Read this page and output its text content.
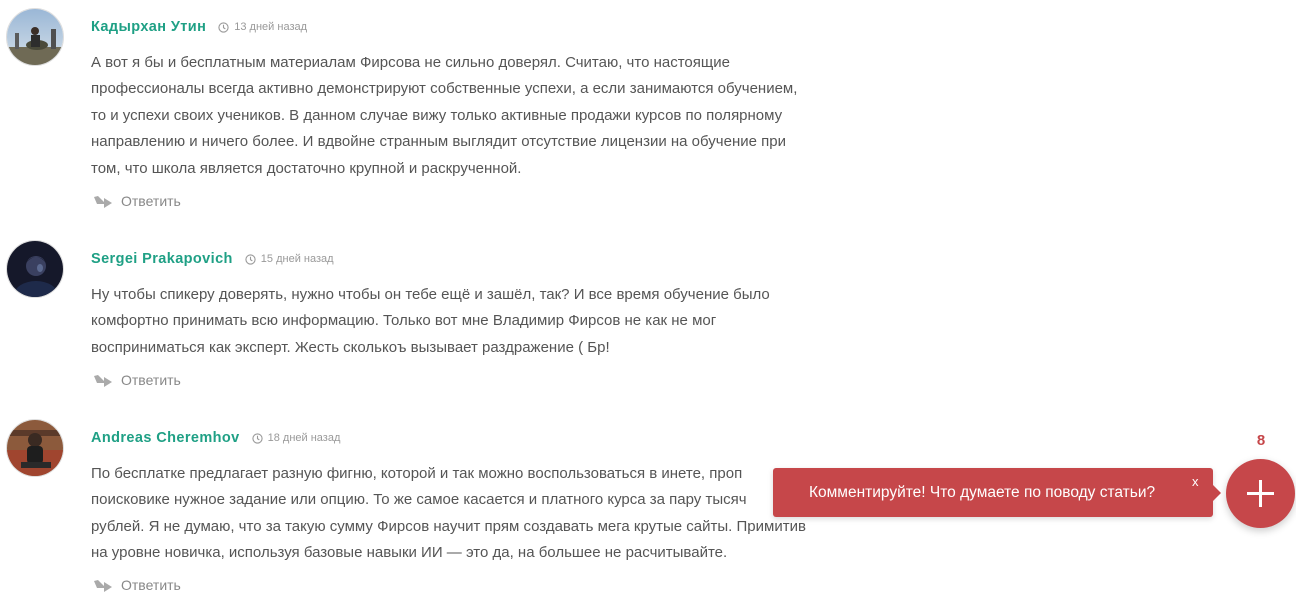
Кадырхан Утин	13 дней назад

А вот я бы и бесплатным материалам Фирсова не сильно доверял. Считаю, что настоящие

профессионалы всегда активно демонстрируют собственные успехи, а если занимаются обучением,

то и успехи своих учеников. В данном случае вижу только активные продажи курсов по полярному

направлению и ничего более. И вдвойне странным выглядит отсутствие лицензии на обучение при

том, что школа является достаточно крупной и раскрученной.

Ответить
Sergei Prakapovich	15 дней назад

Ну чтобы спикеру доверять, нужно чтобы он тебе ещё и зашёл, так? И все время обучение было

комфортно принимать всю информацию. Только вот мне Владимир Фирсов не как не мог

восприниматься как эксперт. Жесть сколькоъ вызывает раздражение ( Бр!

Ответить
Andreas Cheremhov	18 дней назад

По бесплатке предлагает разную фигню, которой и так можно воспользоваться в инете, проп

поисковике нужное задание или опцию. То же самое касается и платного курса за пару тысяч

рублей. Я не думаю, что за такую сумму Фирсов научит прям создавать мега крутые сайты. Примитив

на уровне новичка, используя базовые навыки ИИ — это да, на большее не расчитывайте.

Ответить
8
Комментируйте! Что думаете по поводу статьи?
x
